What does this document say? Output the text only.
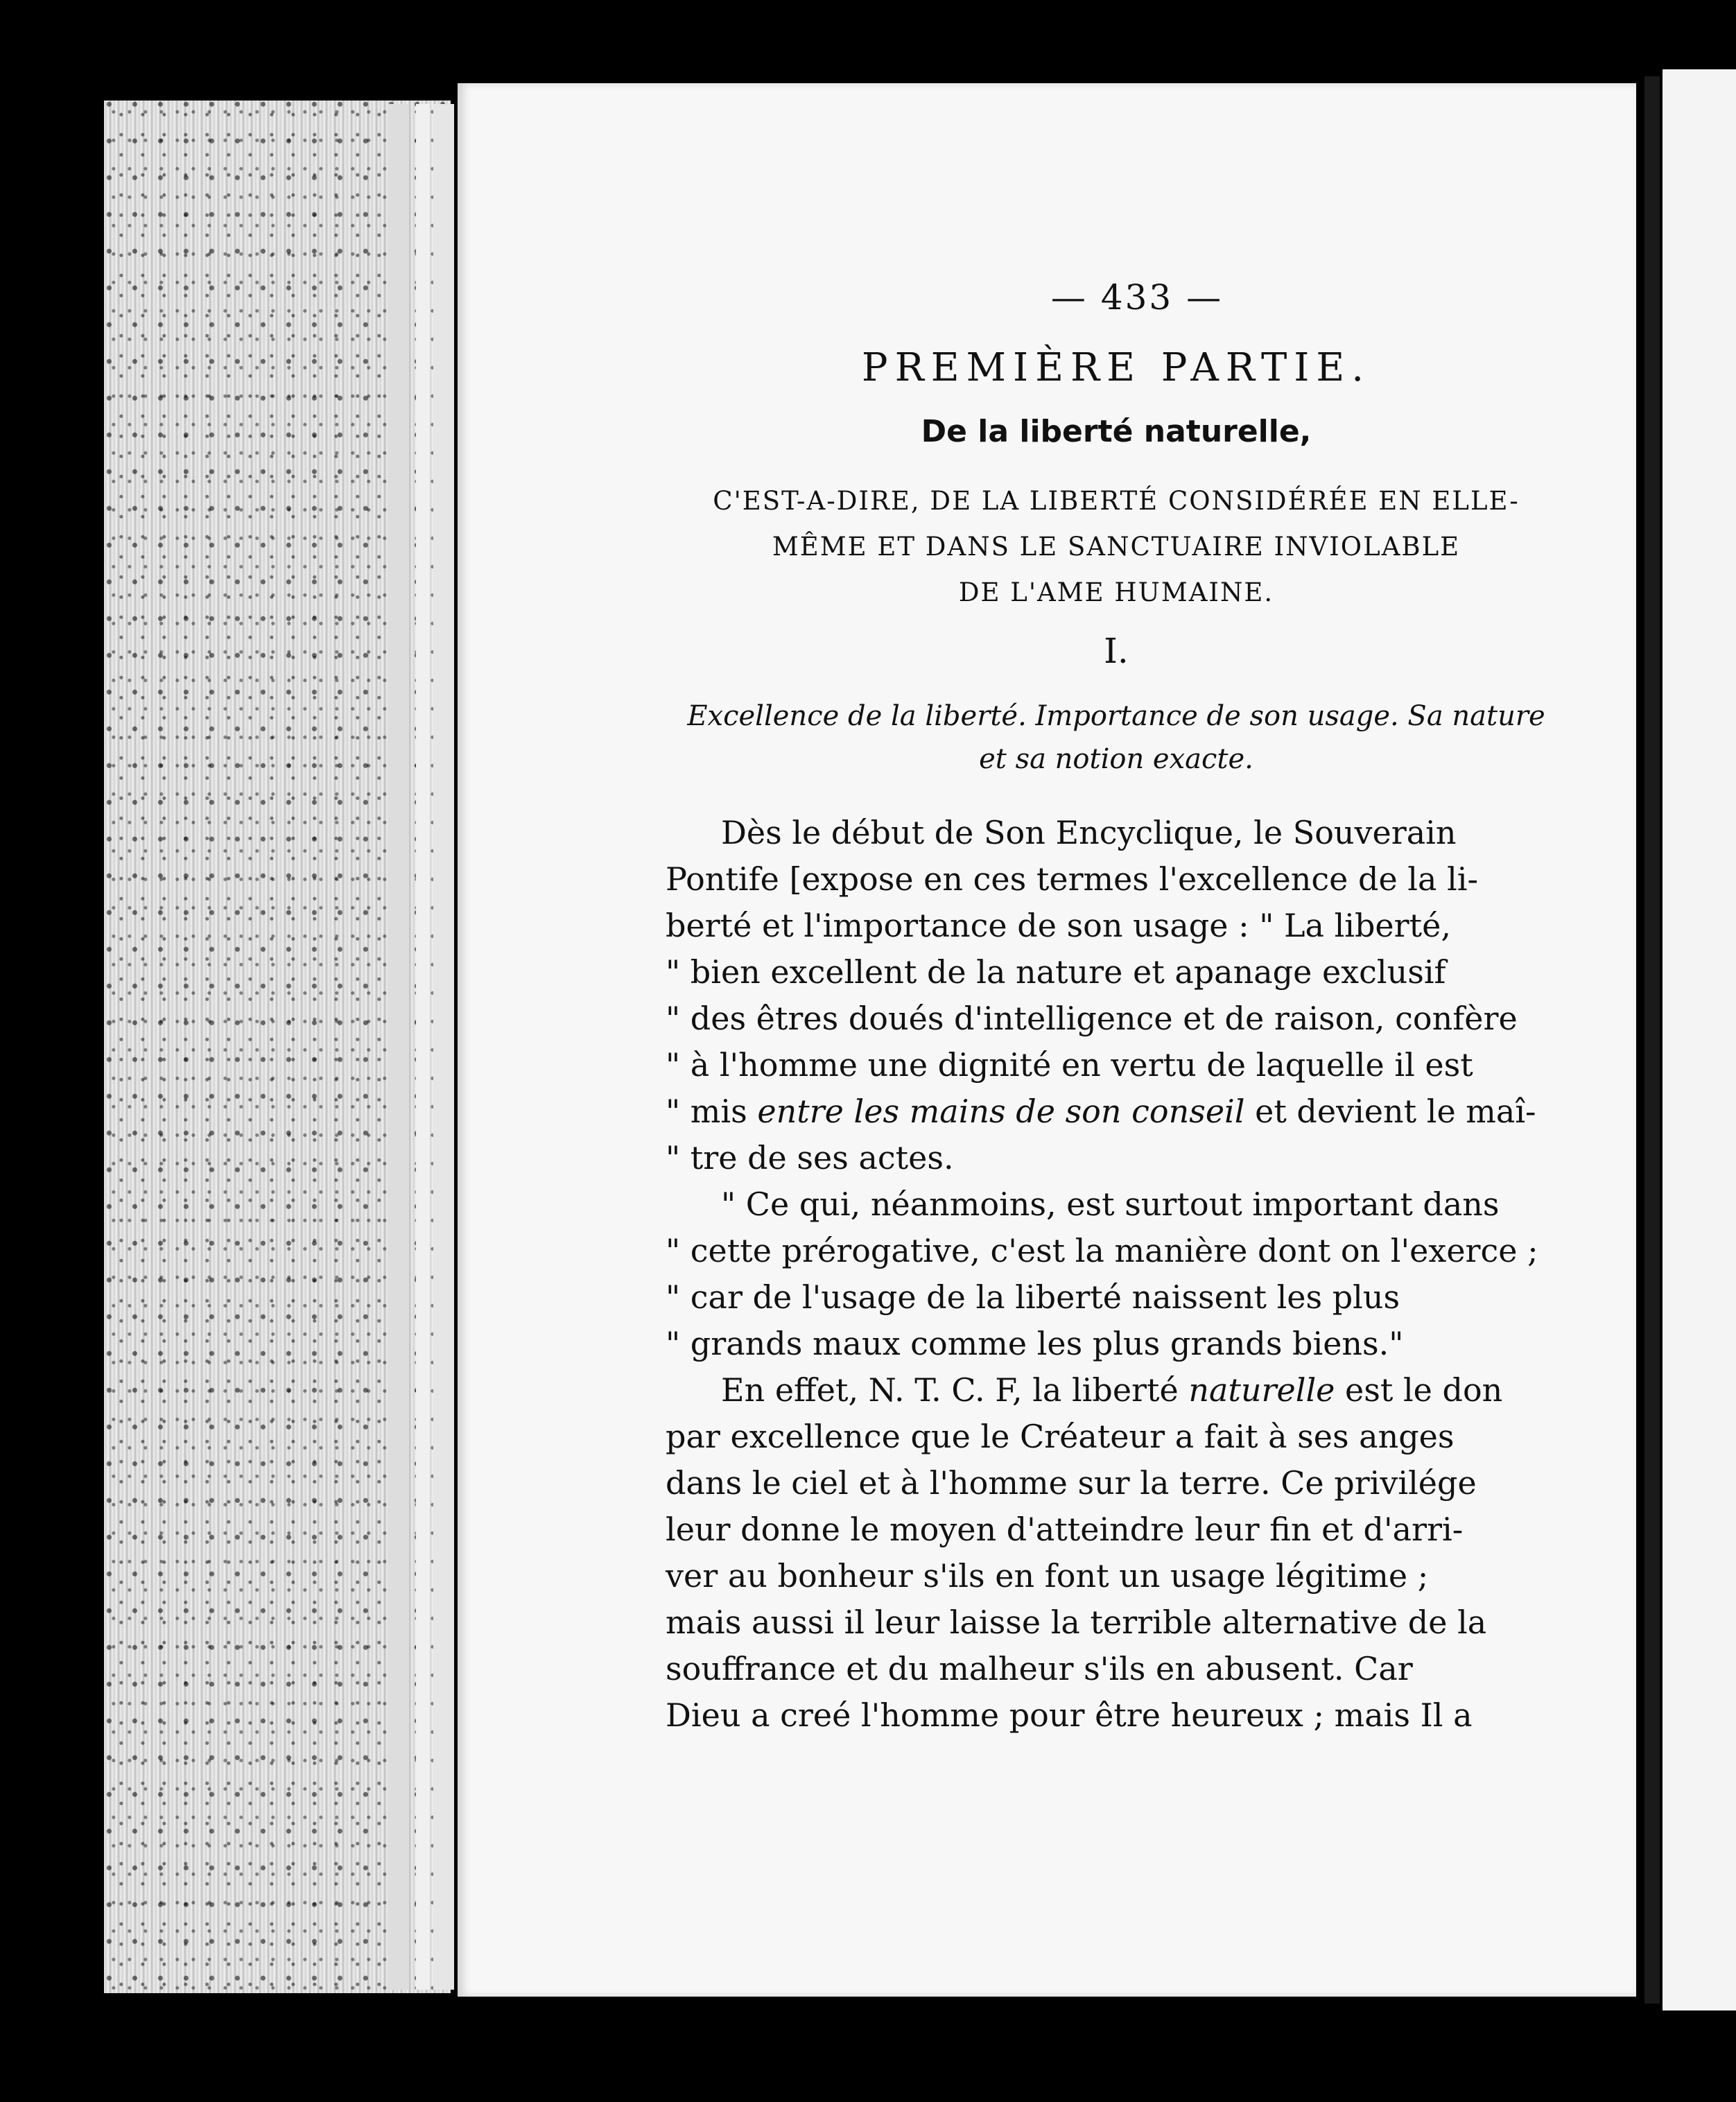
— 433 —
PREMIÈRE PARTIE.
De la liberté naturelle,
C'EST-A-DIRE, DE LA LIBERTÉ CONSIDÉRÉE EN ELLE-
MÊME ET DANS LE SANCTUAIRE INVIOLABLE
DE L'AME HUMAINE.
I.
Excellence de la liberté. Importance de son usage. Sa nature
et sa notion exacte.

Dès le début de Son Encyclique, le Souverain

Pontife [expose en ces termes l'excellence de la li-

berté et l'importance de son usage : " La liberté,

" bien excellent de la nature et apanage exclusif

" des êtres doués d'intelligence et de raison, confère

" à l'homme une dignité en vertu de laquelle il est

" mis entre les mains de son conseil et devient le maî-

" tre de ses actes.

" Ce qui, néanmoins, est surtout important dans

" cette prérogative, c'est la manière dont on l'exerce ;

" car de l'usage de la liberté naissent les plus

" grands maux comme les plus grands biens."

En effet, N. T. C. F, la liberté naturelle est le don

par excellence que le Créateur a fait à ses anges

dans le ciel et à l'homme sur la terre. Ce privilége

leur donne le moyen d'atteindre leur fin et d'arri-

ver au bonheur s'ils en font un usage légitime ;

mais aussi il leur laisse la terrible alternative de la

souffrance et du malheur s'ils en abusent. Car

Dieu a creé l'homme pour être heureux ; mais Il a
